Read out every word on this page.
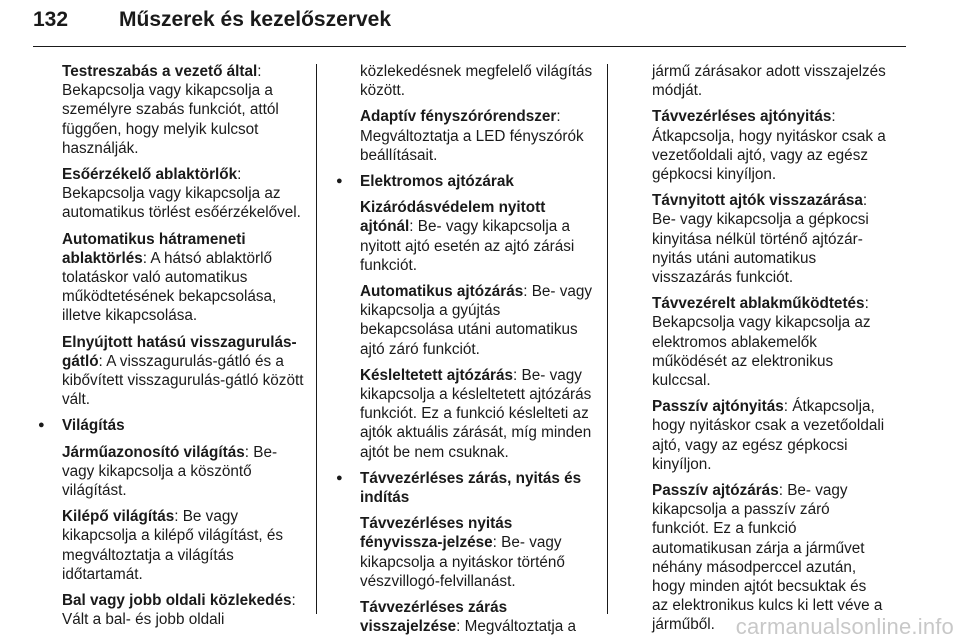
132 Műszerek és kezelőszervek
Testreszabás a vezető által: Bekapcsolja vagy kikapcsolja a személyre szabás funkciót, attól függően, hogy melyik kulcsot használják.
Esőérzékelő ablaktörlők: Bekapcsolja vagy kikapcsolja az automatikus törlést esőérzékelővel.
Automatikus hátrameneti ablaktörlés: A hátsó ablaktörlő tolatáskor való automatikus működtetésének bekapcsolása, illetve kikapcsolása.
Elnyújtott hatású visszagurulás-gátló: A visszagurulás-gátló és a kibővített visszagurulás-gátló között vált.
● Világítás
Járműazonosító világítás: Be- vagy kikapcsolja a köszöntő világítást.
Kilépő világítás: Be vagy kikapcsolja a kilépő világítást, és megváltoztatja a világítás időtartamát.
Bal vagy jobb oldali közlekedés: Vált a bal- és jobb oldali
közlekedésnek megfelelő világítás között.
Adaptív fényszórórendszer: Megváltoztatja a LED fényszórók beállításait.
● Elektromos ajtózárak
Kizáródásvédelem nyitott ajtónál: Be- vagy kikapcsolja a nyitott ajtó esetén az ajtó zárási funkciót.
Automatikus ajtózárás: Be- vagy kikapcsolja a gyújtás bekapcsolása utáni automatikus ajtó záró funkciót.
Késleltetett ajtózárás: Be- vagy kikapcsolja a késleltetett ajtózárás funkciót. Ez a funkció késlelteti az ajtók aktuális zárását, míg minden ajtót be nem csuknak.
● Távvezérléses zárás, nyitás és indítás
Távvezérléses nyitás fényvissza-jelzése: Be- vagy kikapcsolja a nyitáskor történő vészvillogó-felvillanást.
Távvezérléses zárás visszajelzése: Megváltoztatja a
jármű zárásakor adott visszajelzés módját.
Távvezérléses ajtónyitás: Átkapcsolja, hogy nyitáskor csak a vezetőoldali ajtó, vagy az egész gépkocsi kinyíljon.
Távnyitott ajtók visszazárása: Be- vagy kikapcsolja a gépkocsi kinyitása nélkül történő ajtózár-nyitás utáni automatikus visszazárás funkciót.
Távvezérelt ablakműködtetés: Bekapcsolja vagy kikapcsolja az elektromos ablakemelők működését az elektronikus kulccsal.
Passzív ajtónyitás: Átkapcsolja, hogy nyitáskor csak a vezetőoldali ajtó, vagy az egész gépkocsi kinyíljon.
Passzív ajtózárás: Be- vagy kikapcsolja a passzív záró funkciót. Ez a funkció automatikusan zárja a járművet néhány másodperccel azután, hogy minden ajtót becsuktak és az elektronikus kulcs ki lett véve a járműből. carmanualsonline.info
